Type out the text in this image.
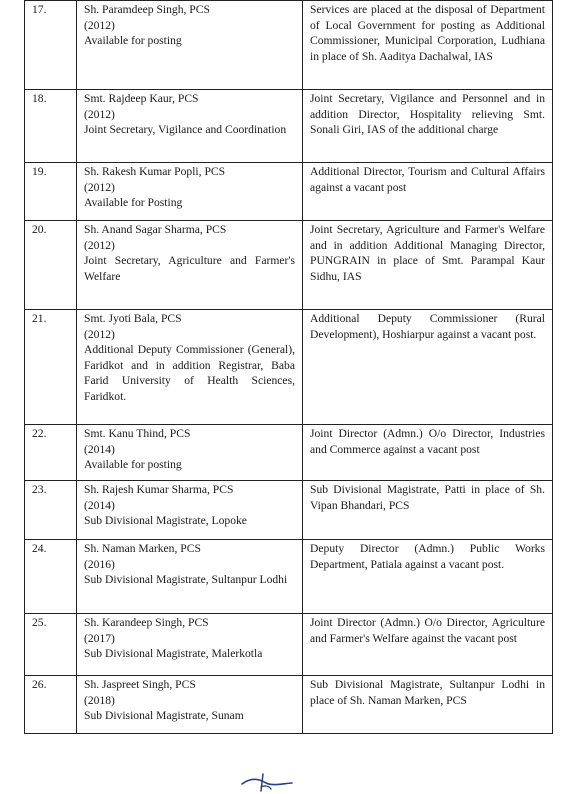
17.	Sh. Paramdeep Singh, PCS
(2012)
Available for posting	Services are placed at the disposal of Department of Local Government for posting as Additional Commissioner, Municipal Corporation, Ludhiana in place of Sh. Aaditya Dachalwal, IAS
18.	Smt. Rajdeep Kaur, PCS
(2012)
Joint Secretary, Vigilance and Coordination	Joint Secretary, Vigilance and Personnel and in addition Director, Hospitality relieving Smt. Sonali Giri, IAS of the additional charge
19.	Sh. Rakesh Kumar Popli, PCS
(2012)
Available for Posting	Additional Director, Tourism and Cultural Affairs against a vacant post
20.	Sh. Anand Sagar Sharma, PCS
(2012)
Joint Secretary, Agriculture and Farmer's Welfare	Joint Secretary, Agriculture and Farmer's Welfare and in addition Additional Managing Director, PUNGRAIN in place of Smt. Parampal Kaur Sidhu, IAS
21.	Smt. Jyoti Bala, PCS
(2012)
Additional Deputy Commissioner (General), Faridkot and in addition Registrar, Baba Farid University of Health Sciences, Faridkot.	Additional Deputy Commissioner (Rural Development), Hoshiarpur against a vacant post.
22.	Smt. Kanu Thind, PCS
(2014)
Available for posting	Joint Director (Admn.) O/o Director, Industries and Commerce against a vacant post
23.	Sh. Rajesh Kumar Sharma, PCS
(2014)
Sub Divisional Magistrate, Lopoke	Sub Divisional Magistrate, Patti in place of Sh. Vipan Bhandari, PCS
24.	Sh. Naman Marken, PCS
(2016)
Sub Divisional Magistrate, Sultanpur Lodhi	Deputy Director (Admn.) Public Works Department, Patiala against a vacant post.
25.	Sh. Karandeep Singh, PCS
(2017)
Sub Divisional Magistrate, Malerkotla	Joint Director (Admn.) O/o Director, Agriculture and Farmer's Welfare against the vacant post
26.	Sh. Jaspreet Singh, PCS
(2018)
Sub Divisional Magistrate, Sunam	Sub Divisional Magistrate, Sultanpur Lodhi in place of Sh. Naman Marken, PCS
